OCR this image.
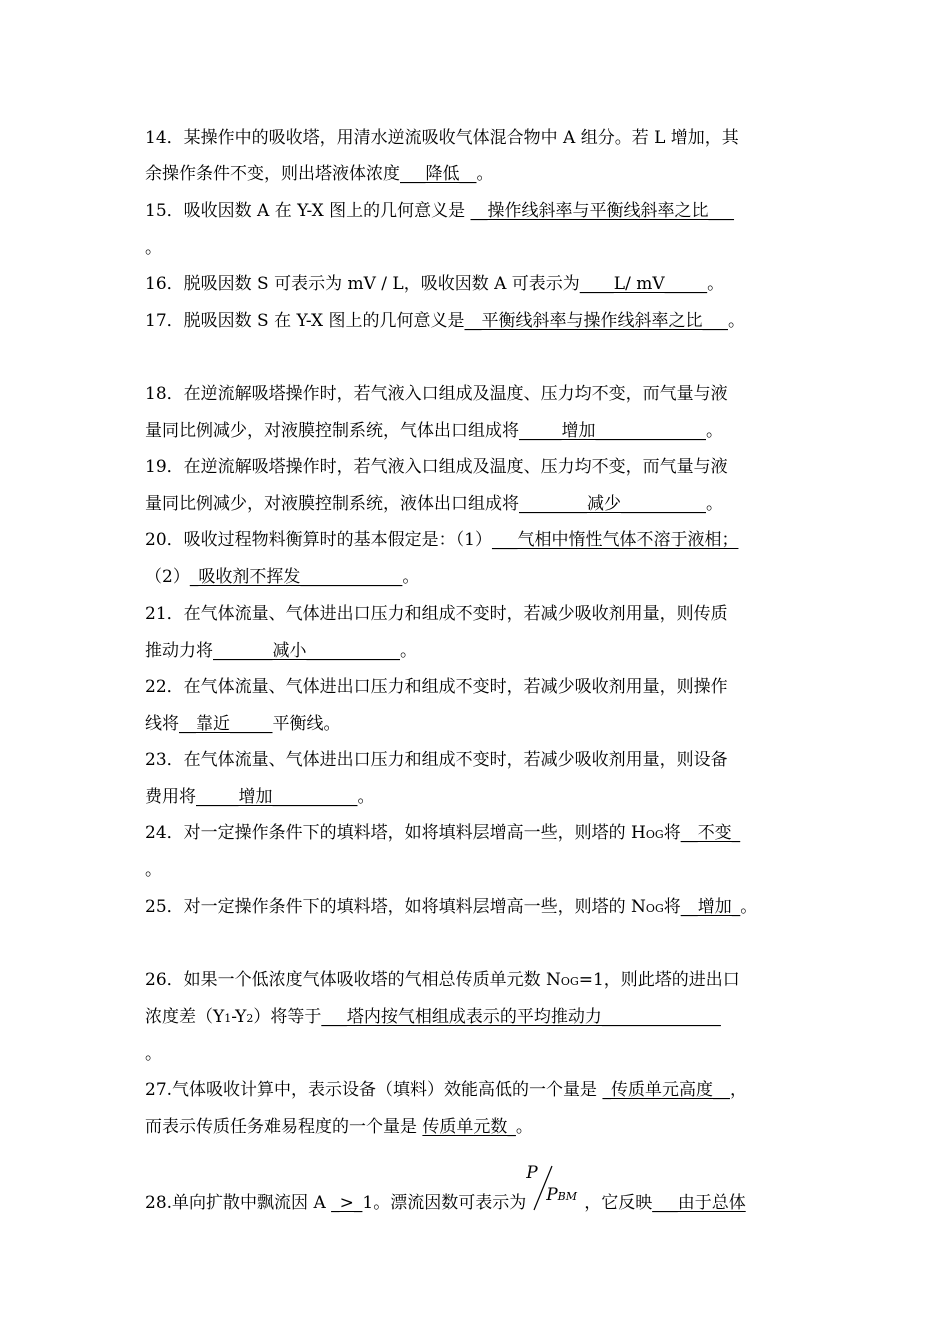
14．某操作中的吸收塔，用清水逆流吸收气体混合物中 A 组分。若 L 增加，其
余操作条件不变，则出塔液体浓度___降低__。
15．吸收因数 A 在 Y-X 图上的几何意义是 __操作线斜率与平衡线斜率之比___
。
16．脱吸因数 S 可表示为 mV / L，吸收因数 A 可表示为____L/ mV_____。
17．脱吸因数 S 在 Y-X 图上的几何意义是__平衡线斜率与操作线斜率之比___。
18．在逆流解吸塔操作时，若气液入口组成及温度、压力均不变，而气量与液
量同比例减少，对液膜控制系统，气体出口组成将_____增加_____________。
19．在逆流解吸塔操作时，若气液入口组成及温度、压力均不变，而气量与液
量同比例减少，对液膜控制系统，液体出口组成将________减少__________。
20．吸收过程物料衡算时的基本假定是：（1）___气相中惰性气体不溶于液相；
（2）_吸收剂不挥发____________。
21．在气体流量、气体进出口压力和组成不变时，若减少吸收剂用量，则传质
推动力将_______减小___________。
22．在气体流量、气体进出口压力和组成不变时，若减少吸收剂用量，则操作
线将__靠近_____平衡线。
23．在气体流量、气体进出口压力和组成不变时，若减少吸收剂用量，则设备
费用将_____增加__________。
24．对一定操作条件下的填料塔，如将填料层增高一些，则塔的 HOG将__不变_
。
25．对一定操作条件下的填料塔，如将填料层增高一些，则塔的 NOG将__增加_。
26．如果一个低浓度气体吸收塔的气相总传质单元数 NOG=1，则此塔的进出口
浓度差（Y1-Y2）将等于___塔内按气相组成表示的平均推动力______________
。
27.气体吸收计算中，表示设备（填料）效能高低的一个量是 _传质单元高度__，
而表示传质任务难易程度的一个量是 传质单元数_。
28.单向扩散中飘流因 A _>_1。漂流因数可表示为
P
PBM ，它反映___由于总体
